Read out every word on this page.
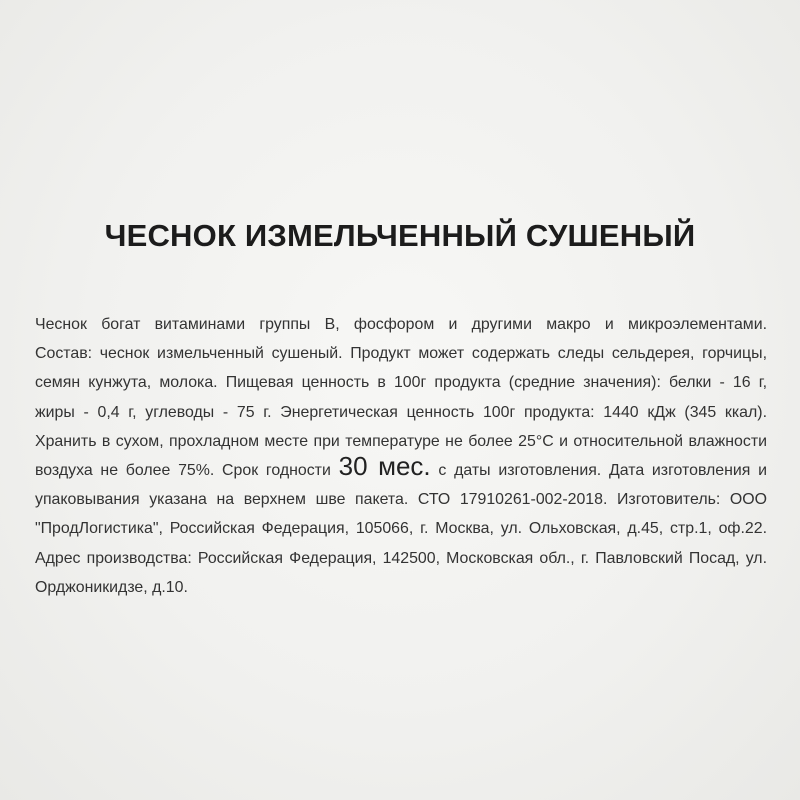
ЧЕСНОК ИЗМЕЛЬЧЕННЫЙ СУШЕНЫЙ
Чеснок богат витаминами группы В, фосфором и другими макро и микроэлементами.
Состав: чеснок измельченный сушеный. Продукт может содержать следы сельдерея, горчицы,
семян кунжута, молока. Пищевая ценность в 100г продукта (средние значения): белки - 16 г,
жиры - 0,4 г, углеводы - 75 г. Энергетическая ценность 100г продукта: 1440 кДж (345 ккал).
Хранить в сухом, прохладном месте при температуре не более 25°С и относительной влажности
воздуха не более 75%. Срок годности 30 мес. с даты изготовления. Дата изготовления и
упаковывания указана на верхнем шве пакета. СТО 17910261-002-2018. Изготовитель: ООО
"ПродЛогистика", Российская Федерация, 105066, г. Москва, ул. Ольховская, д.45, стр.1, оф.22.
Адрес производства: Российская Федерация, 142500, Московская обл., г. Павловский Посад, ул.
Орджоникидзе, д.10.
